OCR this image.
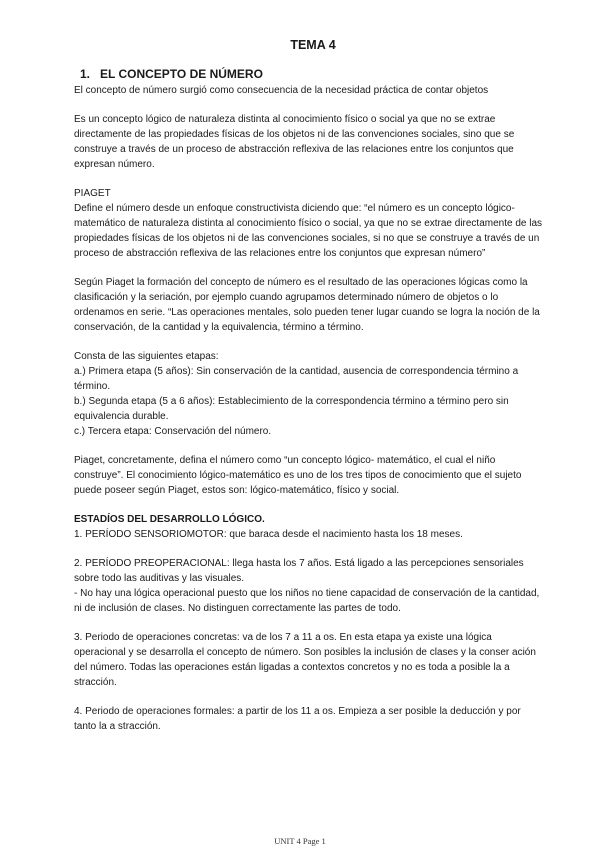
TEMA 4
1. EL CONCEPTO DE NÚMERO

El concepto de número surgió como consecuencia de la necesidad práctica de contar objetos

Es un concepto lógico de naturaleza distinta al conocimiento físico o social ya que no se extrae directamente de las propiedades físicas de los objetos ni de las convenciones sociales, sino que se construye a través de un proceso de abstracción reflexiva de las relaciones entre los conjuntos que expresan número.

PIAGET

Define el número desde un enfoque constructivista diciendo que: “el número es un concepto lógico-matemático de naturaleza distinta al conocimiento físico o social, ya que no se extrae directamente de las propiedades físicas de los objetos ni de las convenciones sociales, si no que se construye a través de un proceso de abstracción reflexiva de las relaciones entre los conjuntos que expresan número”

Según Piaget la formación del concepto de número es el resultado de las operaciones lógicas como la clasificación y la seriación, por ejemplo cuando agrupamos determinado número de objetos o lo ordenamos en serie. “Las operaciones mentales, solo pueden tener lugar cuando se logra la noción de la conservación, de la cantidad y la equivalencia, término a término.

Consta de las siguientes etapas:

a.) Primera etapa (5 años): Sin conservación de la cantidad, ausencia de correspondencia término a término.

b.) Segunda etapa (5 a 6 años): Establecimiento de la correspondencia término a término pero sin equivalencia durable.

c.) Tercera etapa: Conservación del número.

Piaget, concretamente, defina el número como “un concepto lógico- matemático, el cual el niño construye”. El conocimiento lógico-matemático es uno de los tres tipos de conocimiento que el sujeto puede poseer según Piaget, estos son: lógico-matemático, físico y social.

ESTADÍOS DEL DESARROLLO LÓGICO.

1. PERÍODO SENSORIOMOTOR: que baraca desde el nacimiento hasta los 18 meses.

2. PERÍODO PREOPERACIONAL: llega hasta los 7 años. Está ligado a las percepciones sensoriales sobre todo las auditivas y las visuales.

- No hay una lógica operacional puesto que los niños no tiene capacidad de conservación de la cantidad, ni de inclusión de clases. No distinguen correctamente las partes de todo.

3. Periodo de operaciones concretas: va de los 7 a 11 a os. En esta etapa ya existe una lógica operacional y se desarrolla el concepto de número. Son posibles la inclusión de clases y la conser ación del número. Todas las operaciones están ligadas a contextos concretos y no es toda a posible la a stracción.

4. Periodo de operaciones formales: a partir de los 11 a os. Empieza a ser posible la deducción y por tanto la a stracción.

UNIT 4 Page 1
